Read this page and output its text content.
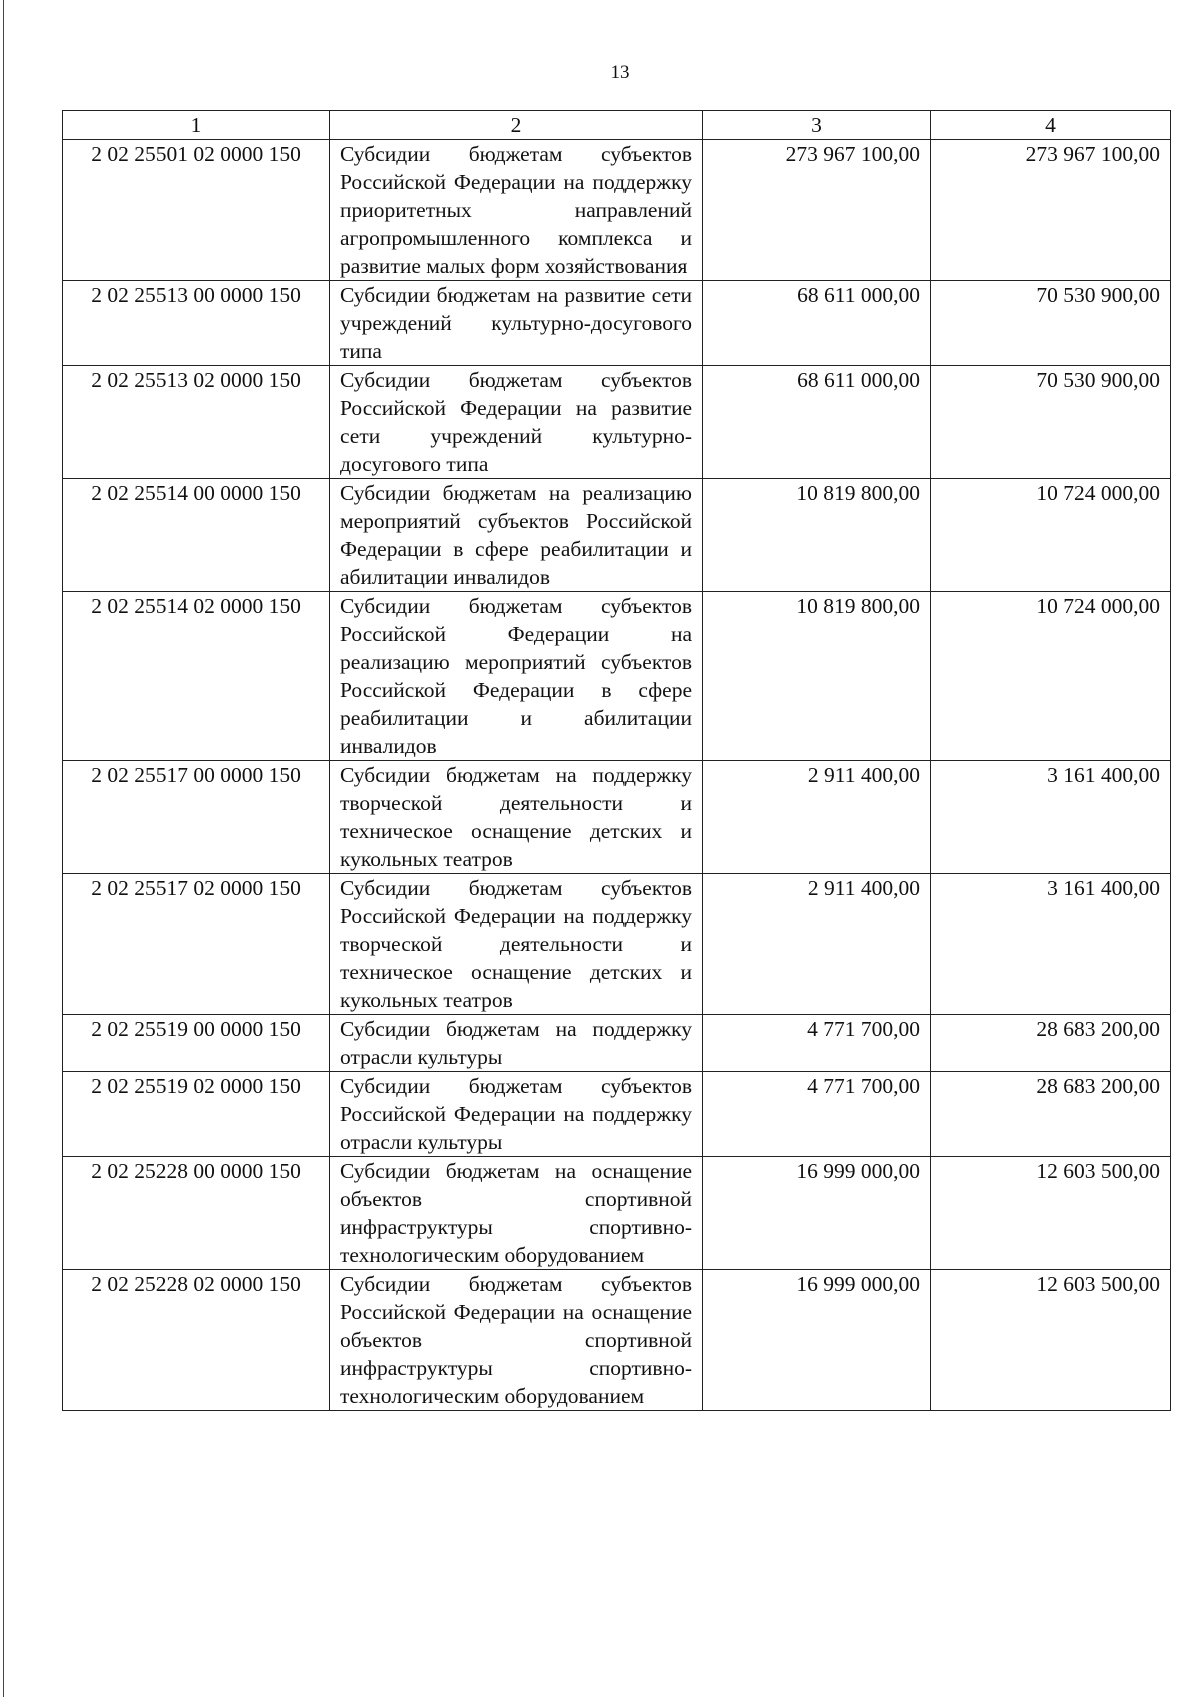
13
1	2	3	4
2 02 25501 02 0000 150	Субсидии бюджетам субъектов Российской Федерации на поддержку приоритетных направлений агропромышленного комплекса и развитие малых форм хозяйствования	273 967 100,00	273 967 100,00
2 02 25513 00 0000 150	Субсидии бюджетам на развитие сети учреждений культурно-досугового типа	68 611 000,00	70 530 900,00
2 02 25513 02 0000 150	Субсидии бюджетам субъектов Российской Федерации на развитие сети учреждений культурно-досугового типа	68 611 000,00	70 530 900,00
2 02 25514 00 0000 150	Субсидии бюджетам на реализацию мероприятий субъектов Российской Федерации в сфере реабилитации и абилитации инвалидов	10 819 800,00	10 724 000,00
2 02 25514 02 0000 150	Субсидии бюджетам субъектов Российской Федерации на реализацию мероприятий субъектов Российской Федерации в сфере реабилитации и абилитации инвалидов	10 819 800,00	10 724 000,00
2 02 25517 00 0000 150	Субсидии бюджетам на поддержку творческой деятельности и техническое оснащение детских и кукольных театров	2 911 400,00	3 161 400,00
2 02 25517 02 0000 150	Субсидии бюджетам субъектов Российской Федерации на поддержку творческой деятельности и техническое оснащение детских и кукольных театров	2 911 400,00	3 161 400,00
2 02 25519 00 0000 150	Субсидии бюджетам на поддержку отрасли культуры	4 771 700,00	28 683 200,00
2 02 25519 02 0000 150	Субсидии бюджетам субъектов Российской Федерации на поддержку отрасли культуры	4 771 700,00	28 683 200,00
2 02 25228 00 0000 150	Субсидии бюджетам на оснащение объектов спортивной инфраструктуры спортивно-технологическим оборудованием	16 999 000,00	12 603 500,00
2 02 25228 02 0000 150	Субсидии бюджетам субъектов Российской Федерации на оснащение объектов спортивной инфраструктуры спортивно-технологическим оборудованием	16 999 000,00	12 603 500,00
